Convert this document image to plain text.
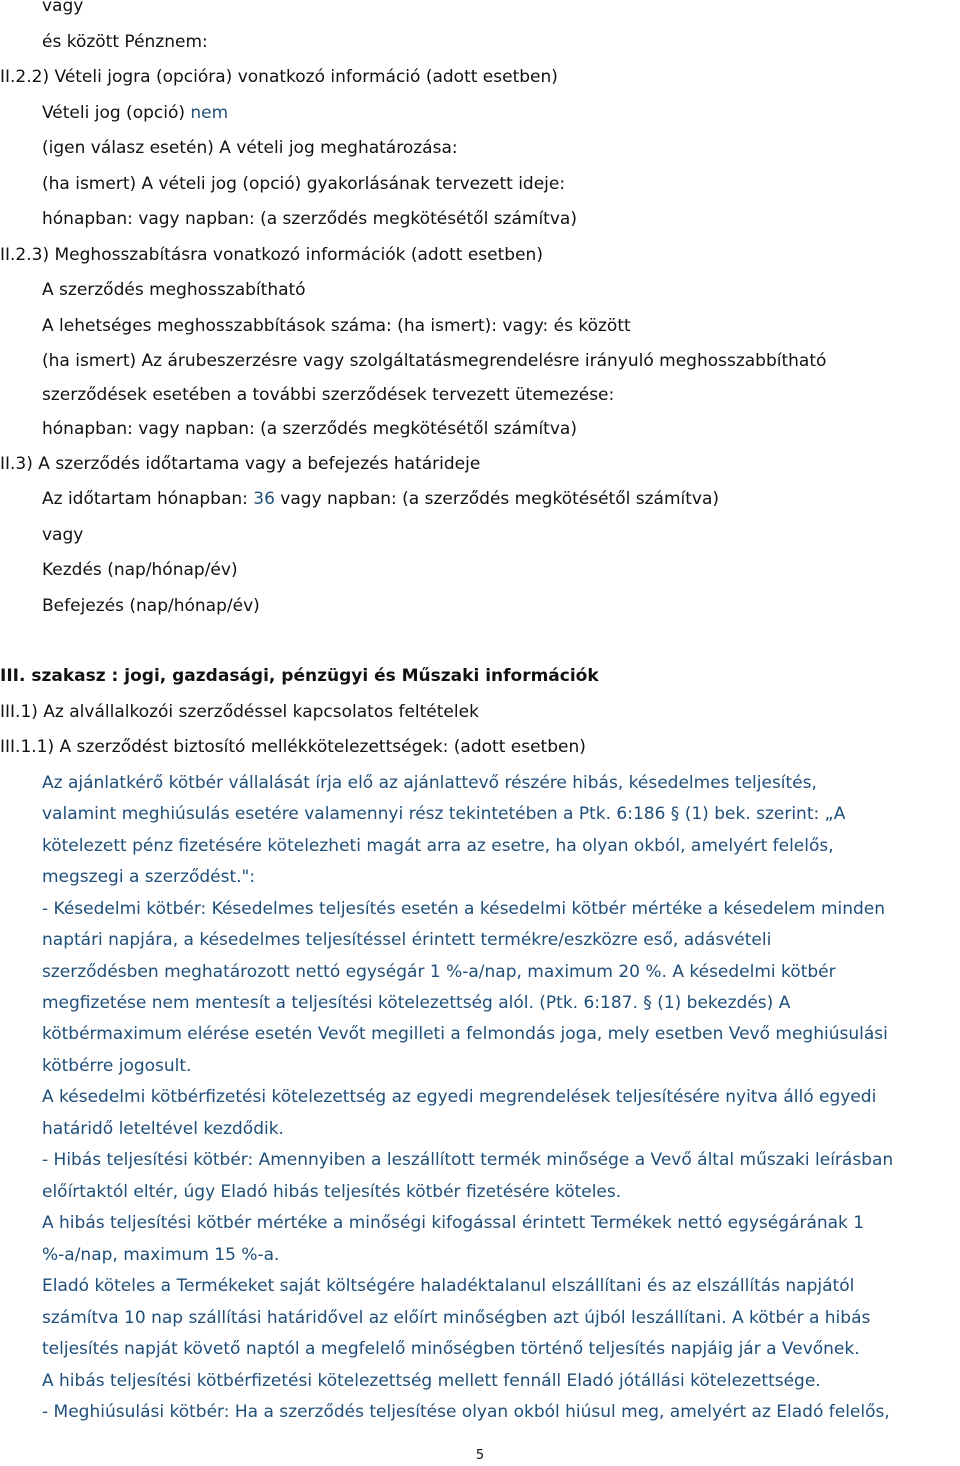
vagy
és között Pénznem:
II.2.2) Vételi jogra (opcióra) vonatkozó információ (adott esetben)
Vételi jog (opció) nem
(igen válasz esetén) A vételi jog meghatározása:
(ha ismert) A vételi jog (opció) gyakorlásának tervezett ideje:
hónapban: vagy napban: (a szerződés megkötésétől számítva)
II.2.3) Meghosszabításra vonatkozó információk (adott esetben)
A szerződés meghosszabítható
A lehetséges meghosszabbítások száma: (ha ismert): vagy: és között
(ha ismert) Az árubeszerzésre vagy szolgáltatásmegrendelésre irányuló meghosszabbítható
szerződések esetében a további szerződések tervezett ütemezése:
hónapban: vagy napban: (a szerződés megkötésétől számítva)
II.3) A szerződés időtartama vagy a befejezés határideje
Az időtartam hónapban: 36 vagy napban: (a szerződés megkötésétől számítva)
vagy
Kezdés (nap/hónap/év)
Befejezés (nap/hónap/év)
III. szakasz : jogi, gazdasági, pénzügyi és Műszaki információk
III.1) Az alvállalkozói szerződéssel kapcsolatos feltételek
III.1.1) A szerződést biztosító mellékkötelezettségek: (adott esetben)
Az ajánlatkérő kötbér vállalását írja elő az ajánlattevő részére hibás, késedelmes teljesítés,
valamint meghiúsulás esetére valamennyi rész tekintetében a Ptk. 6:186 § (1) bek. szerint: „A
kötelezett pénz fizetésére kötelezheti magát arra az esetre, ha olyan okból, amelyért felelős,
megszegi a szerződést.":
- Késedelmi kötbér: Késedelmes teljesítés esetén a késedelmi kötbér mértéke a késedelem minden
naptári napjára, a késedelmes teljesítéssel érintett termékre/eszközre eső, adásvételi
szerződésben meghatározott nettó egységár 1 %-a/nap, maximum 20 %. A késedelmi kötbér
megfizetése nem mentesít a teljesítési kötelezettség alól. (Ptk. 6:187. § (1) bekezdés) A
kötbérmaximum elérése esetén Vevőt megilleti a felmondás joga, mely esetben Vevő meghiúsulási
kötbérre jogosult.
A késedelmi kötbérfizetési kötelezettség az egyedi megrendelések teljesítésére nyitva álló egyedi
határidő leteltével kezdődik.
- Hibás teljesítési kötbér: Amennyiben a leszállított termék minősége a Vevő által műszaki leírásban
előírtaktól eltér, úgy Eladó hibás teljesítés kötbér fizetésére köteles.
A hibás teljesítési kötbér mértéke a minőségi kifogással érintett Termékek nettó egységárának 1
%-a/nap, maximum 15 %-a.
Eladó köteles a Termékeket saját költségére haladéktalanul elszállítani és az elszállítás napjától
számítva 10 nap szállítási határidővel az előírt minőségben azt újból leszállítani. A kötbér a hibás
teljesítés napját követő naptól a megfelelő minőségben történő teljesítés napjáig jár a Vevőnek.
A hibás teljesítési kötbérfizetési kötelezettség mellett fennáll Eladó jótállási kötelezettsége.
- Meghiúsulási kötbér: Ha a szerződés teljesítése olyan okból hiúsul meg, amelyért az Eladó felelős,
5
